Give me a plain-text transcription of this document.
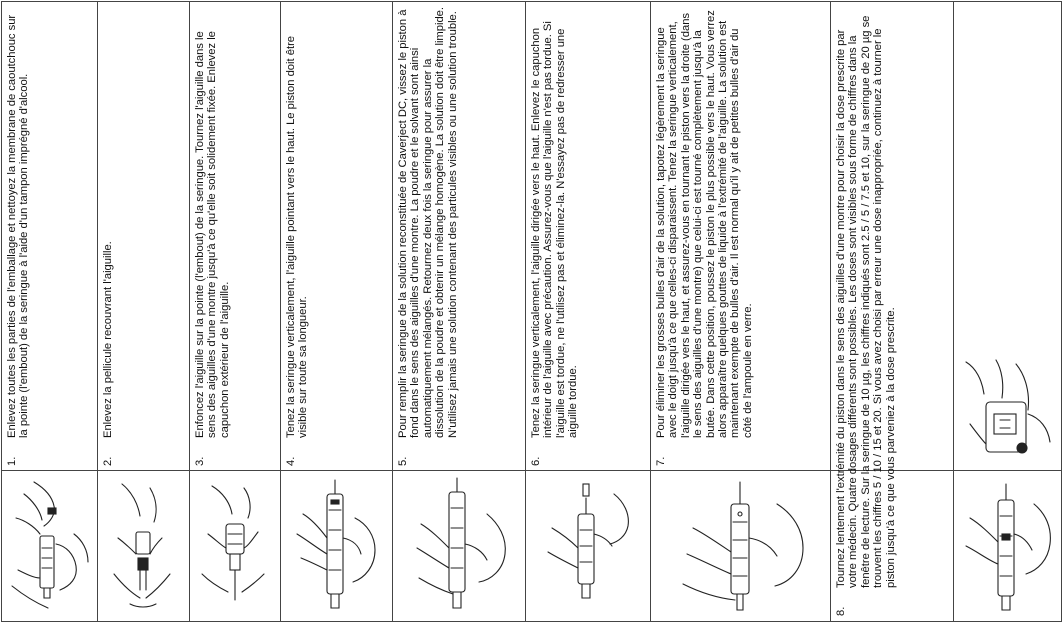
1.
Enlevez toutes les parties de l'emballage et nettoyez la membrane de caoutchouc sur la pointe (l'embout) de la seringue à l'aide d'un tampon imprégné d'alcool.
2.
Enlevez la pellicule recouvrant l'aiguille.
3.
Enfoncez l'aiguille sur la pointe (l'embout) de la seringue. Tournez l'aiguille dans le sens des aiguilles d'une montre jusqu'à ce qu'elle soit solidement fixée. Enlevez le capuchon extérieur de l'aiguille.
4.
Tenez la seringue verticalement, l'aiguille pointant vers le haut. Le piston doit être visible sur toute sa longueur.
5.
Pour remplir la seringue de la solution reconstituée de Caverject DC, vissez le piston à fond dans le sens des aiguilles d'une montre. La poudre et le solvant sont ainsi automatiquement mélangés. Retournez deux fois la seringue pour assurer la dissolution de la poudre et obtenir un mélange homogène. La solution doit être limpide. N'utilisez jamais une solution contenant des particules visibles ou une solution trouble.
6.
Tenez la seringue verticalement, l'aiguille dirigée vers le haut. Enlevez le capuchon intérieur de l'aiguille avec précaution. Assurez-vous que l'aiguille n'est pas tordue. Si l'aiguille est tordue, ne l'utilisez pas et éliminez-la. N'essayez pas de redresser une aiguille tordue.
7.
Pour éliminer les grosses bulles d'air de la solution, tapotez légèrement la seringue avec le doigt jusqu'à ce que celles-ci disparaissent. Tenez la seringue verticalement, l'aiguille dirigée vers le haut, et assurez-vous en tournant le piston vers la droite (dans le sens des aiguilles d'une montre) que celui-ci est tourné complètement jusqu'à la butée. Dans cette position, poussez le piston le plus possible vers le haut. Vous verrez alors apparaître quelques gouttes de liquide à l'extrémité de l'aiguille. La solution est maintenant exempte de bulles d'air. Il est normal qu'il y ait de petites bulles d'air du côté de l'ampoule en verre.
8.
Tournez lentement l'extrémité du piston dans le sens des aiguilles d'une montre pour choisir la dose prescrite par votre médecin. Quatre dosages différents sont possibles. Les doses sont visibles sous forme de chiffres dans la fenêtre de lecture. Sur la seringue de 10 µg, les chiffres indiqués sont 2.5 / 5 / 7.5 et 10, sur la seringue de 20 µg se trouvent les chiffres 5 / 10 / 15 et 20. Si vous avez choisi par erreur une dose inappropriée, continuez à tourner le piston jusqu'à ce que vous parveniez à la dose prescrite.
